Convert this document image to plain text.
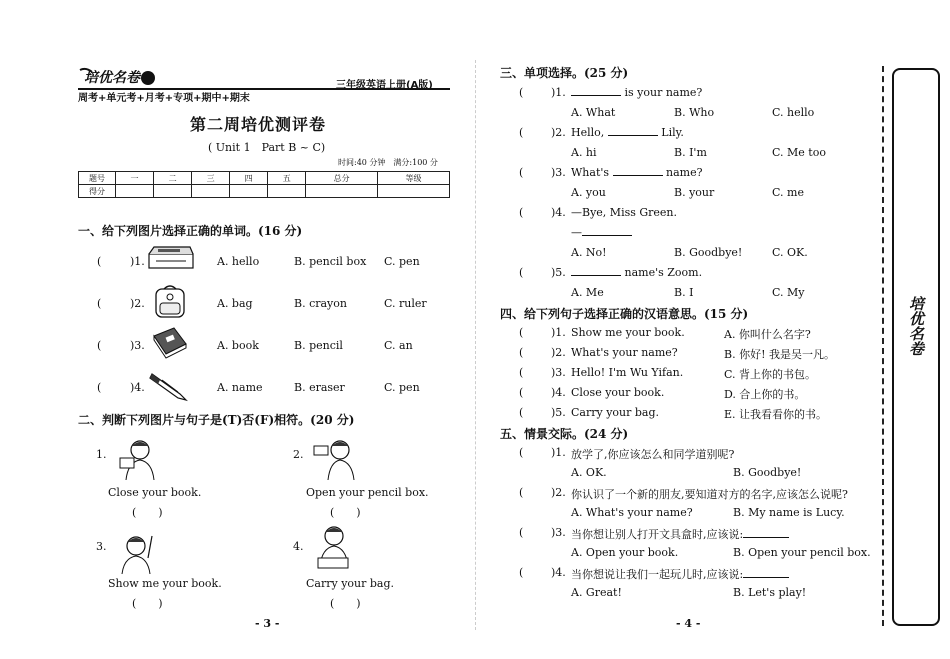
培优名卷	三年级英语上册(A版)
周考+单元考+月考+专项+期中+期末
第二周培优测评卷
( Unit 1　Part B ~ C)
时间:40 分钟　满分:100 分
题号	一	二	三	四	五	总分	等级
得分							
一、给下列图片选择正确的单词。(16 分)
(	)1.	A. hello	B. pencil box C. pen
(	)2.	A. bag	B. crayon	C. ruler
(	)3.	A. book	B. pencil	C. an
(	)4.	A. name	B. eraser	C. pen
二、判断下列图片与句子是(T)否(F)相符。(20 分)
1.
Close your book.
(　　)
2.
Open your pencil box.
(　　)
3.
Show me your book.
(　　)
4.
Carry your bag.
(　　)
- 3 -
三、单项选择。(25 分)
(	)1.	is your name?
A. What	B. Who	C. hello
(	)2. Hello,	Lily.
A. hi	B. I'm	C. Me too
(	)3. What's	name?
A. you	B. your	C. me
(	)4. —Bye, Miss Green.
—
A. No!	B. Goodbye!	C. OK.
(	)5.	name's Zoom.
A. Me	B. I	C. My
四、给下列句子选择正确的汉语意思。(15 分)
(	)1. Show me your book.	A. 你叫什么名字?
(	)2. What's your name?	B. 你好! 我是吴一凡。
(	)3. Hello! I'm Wu Yifan.	C. 背上你的书包。
(	)4. Close your book.	D. 合上你的书。
(	)5. Carry your bag.	E. 让我看看你的书。
五、情景交际。(24 分)
(	)1. 放学了,你应该怎么和同学道别呢?
A. OK.	B. Goodbye!
(	)2. 你认识了一个新的朋友,要知道对方的名字,应该怎么说呢?
A. What's your name?	B. My name is Lucy.
(	)3. 当你想让别人打开文具盒时,应该说:
A. Open your book.	B. Open your pencil box.
(	)4. 当你想说让我们一起玩儿时,应该说:
A. Great!	B. Let's play!
- 4 -
培优名卷
